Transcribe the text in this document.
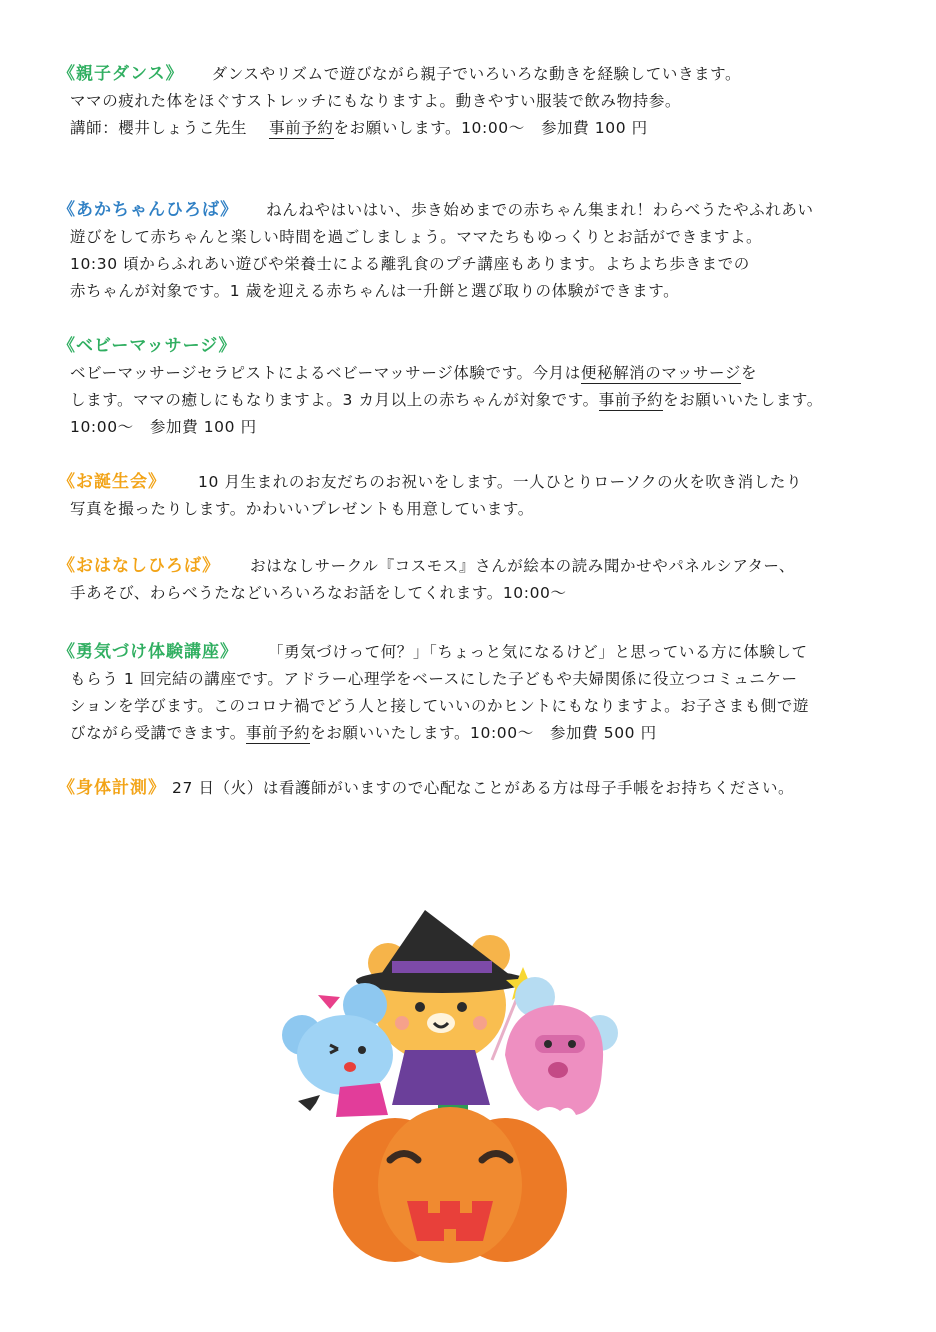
《親子ダンス》 ダンスやリズムで遊びながら親子でいろいろな動きを経験していきます。
ママの疲れた体をほぐすストレッチにもなりますよ。動きやすい服装で飲み物持参。
講師：櫻井しょうこ先生 事前予約をお願いします。10:00～　参加費 100 円
《あかちゃんひろば》 ねんねやはいはい、歩き始めまでの赤ちゃん集まれ！わらべうたやふれあい
遊びをして赤ちゃんと楽しい時間を過ごしましょう。ママたちもゆっくりとお話ができますよ。
10:30 頃からふれあい遊びや栄養士による離乳食のプチ講座もあります。よちよち歩きまでの
赤ちゃんが対象です。1 歳を迎える赤ちゃんは一升餅と選び取りの体験ができます。
《ベビーマッサージ》
ベビーマッサージセラピストによるベビーマッサージ体験です。今月は便秘解消のマッサージを
します。ママの癒しにもなりますよ。3 カ月以上の赤ちゃんが対象です。事前予約をお願いいたします。
10:00～　参加費 100 円
《お誕生会》 10 月生まれのお友だちのお祝いをします。一人ひとりローソクの火を吹き消したり
写真を撮ったりします。かわいいプレゼントも用意しています。
《おはなしひろば》 おはなしサークル『コスモス』さんが絵本の読み聞かせやパネルシアター、
手あそび、わらべうたなどいろいろなお話をしてくれます。10:00～
《勇気づけ体験講座》 「勇気づけって何？」「ちょっと気になるけど」と思っている方に体験して
もらう 1 回完結の講座です。アドラー心理学をベースにした子どもや夫婦関係に役立つコミュニケー
ションを学びます。このコロナ禍でどう人と接していいのかヒントにもなりますよ。お子さまも側で遊
びながら受講できます。事前予約をお願いいたします。10:00～　参加費 500 円
《身体計測》 27 日（火）は看護師がいますので心配なことがある方は母子手帳をお持ちください。
